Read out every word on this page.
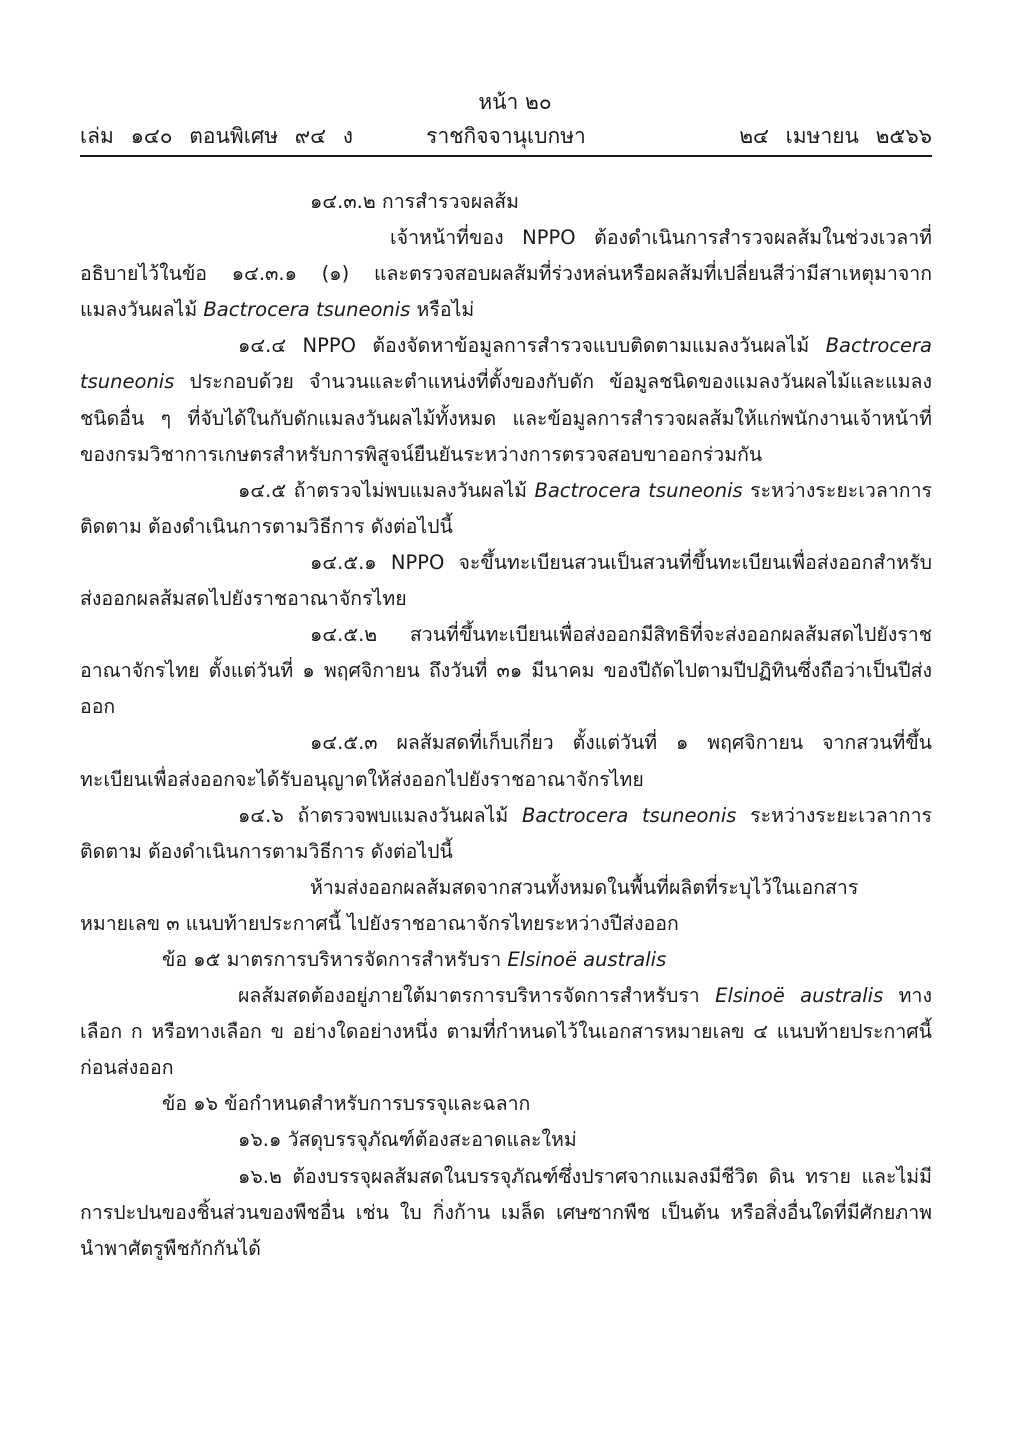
หน้า ๒๐
เล่ม ๑๔๐ ตอนพิเศษ ๙๔ ง	ราชกิจจานุเบกษา	๒๔ เมษายน ๒๕๖๖

๑๔.๓.๒ การสำรวจผลส้ม

เจ้าหน้าที่ของ NPPO ต้องดำเนินการสำรวจผลส้มในช่วงเวลาที่อธิบายไว้ในข้อ ๑๔.๓.๑ (๑) และตรวจสอบผลส้มที่ร่วงหล่นหรือผลส้มที่เปลี่ยนสีว่ามีสาเหตุมาจากแมลงวันผลไม้ Bactrocera tsuneonis หรือไม่

๑๔.๔ NPPO ต้องจัดหาข้อมูลการสำรวจแบบติดตามแมลงวันผลไม้ Bactrocera tsuneonis ประกอบด้วย จำนวนและตำแหน่งที่ตั้งของกับดัก ข้อมูลชนิดของแมลงวันผลไม้และแมลงชนิดอื่น ๆ ที่จับได้ในกับดักแมลงวันผลไม้ทั้งหมด และข้อมูลการสำรวจผลส้มให้แก่พนักงานเจ้าหน้าที่ของกรมวิชาการเกษตรสำหรับการพิสูจน์ยืนยันระหว่างการตรวจสอบขาออกร่วมกัน

๑๔.๕ ถ้าตรวจไม่พบแมลงวันผลไม้ Bactrocera tsuneonis ระหว่างระยะเวลาการติดตาม ต้องดำเนินการตามวิธีการ ดังต่อไปนี้

๑๔.๕.๑ NPPO จะขึ้นทะเบียนสวนเป็นสวนที่ขึ้นทะเบียนเพื่อส่งออกสำหรับส่งออกผลส้มสดไปยังราชอาณาจักรไทย

๑๔.๕.๒ สวนที่ขึ้นทะเบียนเพื่อส่งออกมีสิทธิที่จะส่งออกผลส้มสดไปยังราชอาณาจักรไทย ตั้งแต่วันที่ ๑ พฤศจิกายน ถึงวันที่ ๓๑ มีนาคม ของปีถัดไปตามปีปฏิทินซึ่งถือว่าเป็นปีส่งออก

๑๔.๕.๓ ผลส้มสดที่เก็บเกี่ยว ตั้งแต่วันที่ ๑ พฤศจิกายน จากสวนที่ขึ้นทะเบียนเพื่อส่งออกจะได้รับอนุญาตให้ส่งออกไปยังราชอาณาจักรไทย

๑๔.๖ ถ้าตรวจพบแมลงวันผลไม้ Bactrocera tsuneonis ระหว่างระยะเวลาการติดตาม ต้องดำเนินการตามวิธีการ ดังต่อไปนี้

ห้ามส่งออกผลส้มสดจากสวนทั้งหมดในพื้นที่ผลิตที่ระบุไว้ในเอกสารหมายเลข ๓ แนบท้ายประกาศนี้ ไปยังราชอาณาจักรไทยระหว่างปีส่งออก

ข้อ ๑๕ มาตรการบริหารจัดการสำหรับรา Elsinoë australis

ผลส้มสดต้องอยู่ภายใต้มาตรการบริหารจัดการสำหรับรา Elsinoë australis ทางเลือก ก หรือทางเลือก ข อย่างใดอย่างหนึ่ง ตามที่กำหนดไว้ในเอกสารหมายเลข ๔ แนบท้ายประกาศนี้ก่อนส่งออก

ข้อ ๑๖ ข้อกำหนดสำหรับการบรรจุและฉลาก

๑๖.๑ วัสดุบรรจุภัณฑ์ต้องสะอาดและใหม่

๑๖.๒ ต้องบรรจุผลส้มสดในบรรจุภัณฑ์ซึ่งปราศจากแมลงมีชีวิต ดิน ทราย และไม่มีการปะปนของชิ้นส่วนของพืชอื่น เช่น ใบ กิ่งก้าน เมล็ด เศษซากพืช เป็นต้น หรือสิ่งอื่นใดที่มีศักยภาพนำพาศัตรูพืชกักกันได้
